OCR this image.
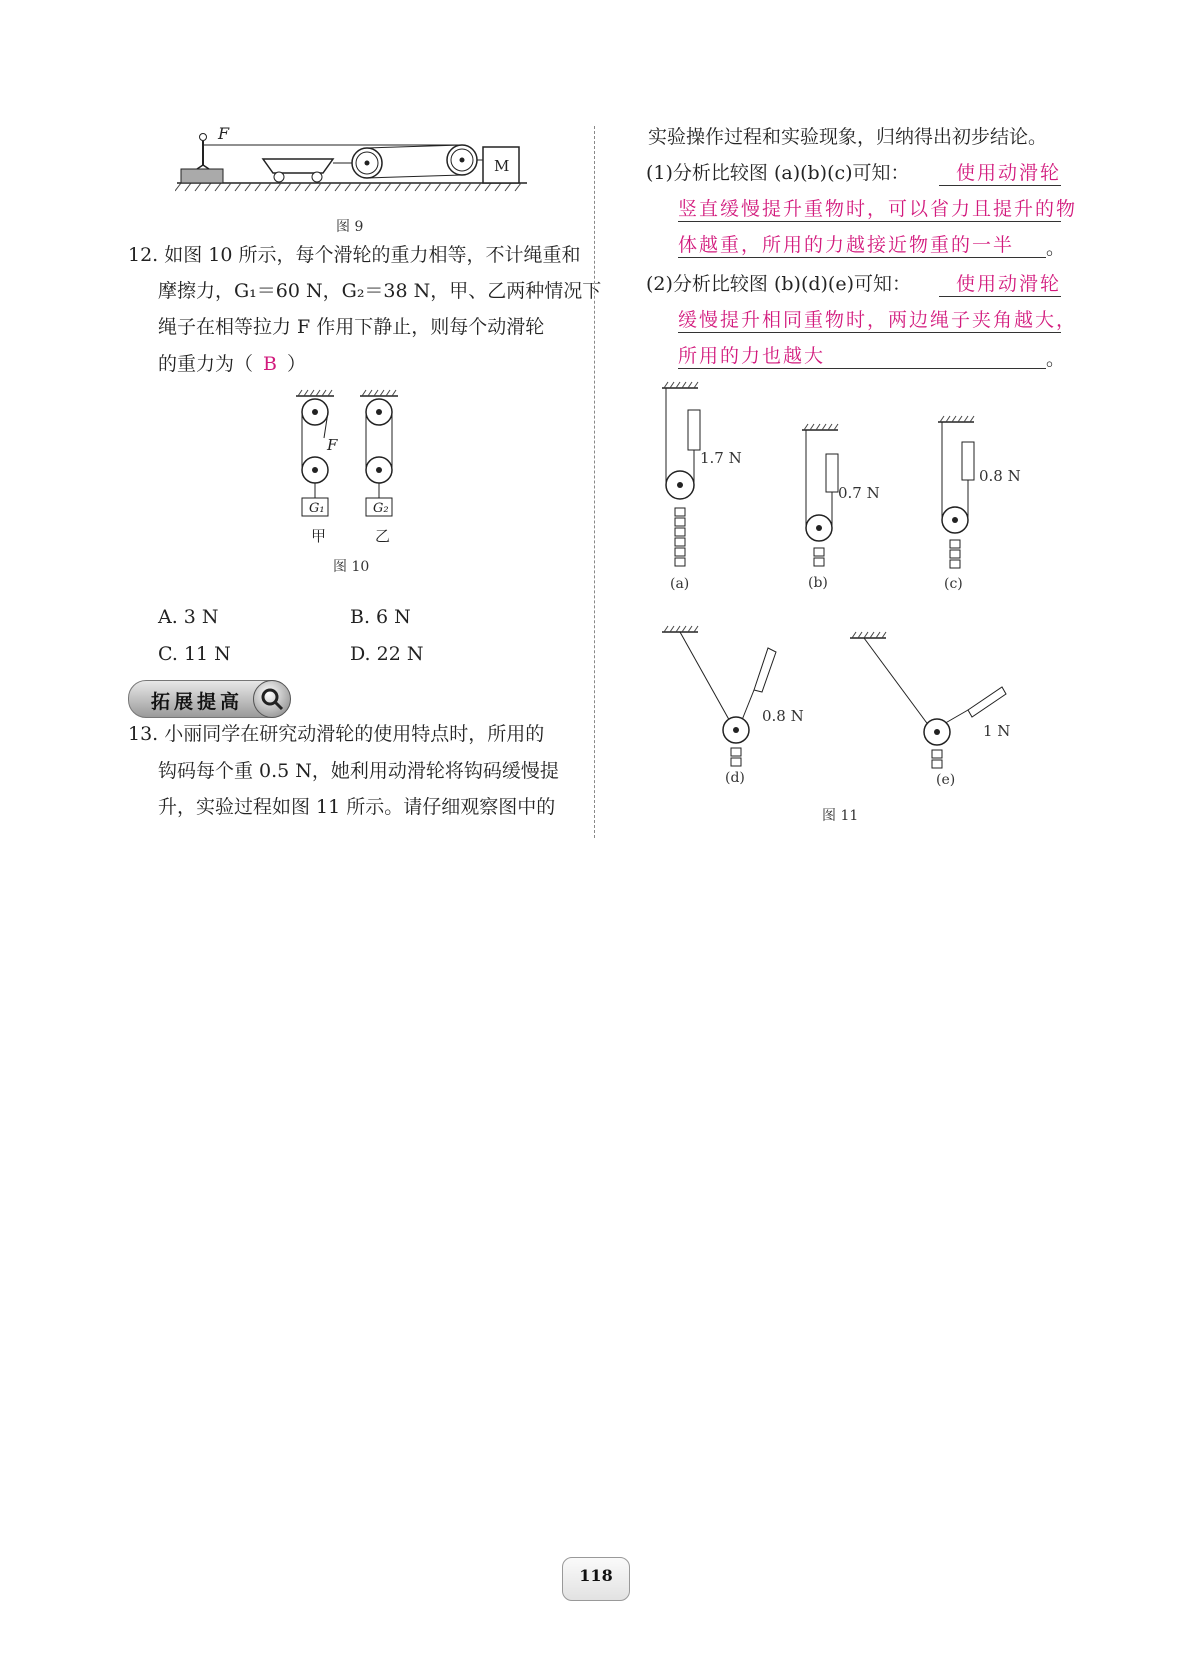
F
M
图 9
12. 如图 10 所示，每个滑轮的重力相等，不计绳重和
摩擦力，G₁＝60 N，G₂＝38 N，甲、乙两种情况下
绳子在相等拉力 F 作用下静止，则每个动滑轮
的重力为（ B ）
F
G₁	G₂
甲	乙
图 10
A. 3 N	B. 6 N
C. 11 N	D. 22 N
拓展提高
13. 小丽同学在研究动滑轮的使用特点时，所用的
钩码每个重 0.5 N，她利用动滑轮将钩码缓慢提
升，实验过程如图 11 所示。请仔细观察图中的
实验操作过程和实验现象，归纳得出初步结论。
(1)分析比较图 (a)(b)(c)可知：	使用动滑轮
竖直缓慢提升重物时，可以省力且提升的物
体越重，所用的力越接近物重的一半	。
(2)分析比较图 (b)(d)(e)可知：	使用动滑轮
缓慢提升相同重物时，两边绳子夹角越大，
所用的力也越大	。
1.7 N
0.7 N
0.8 N
0.8 N
1 N
(a)	(b)	(c)
(d)	(e)
图 11
118
